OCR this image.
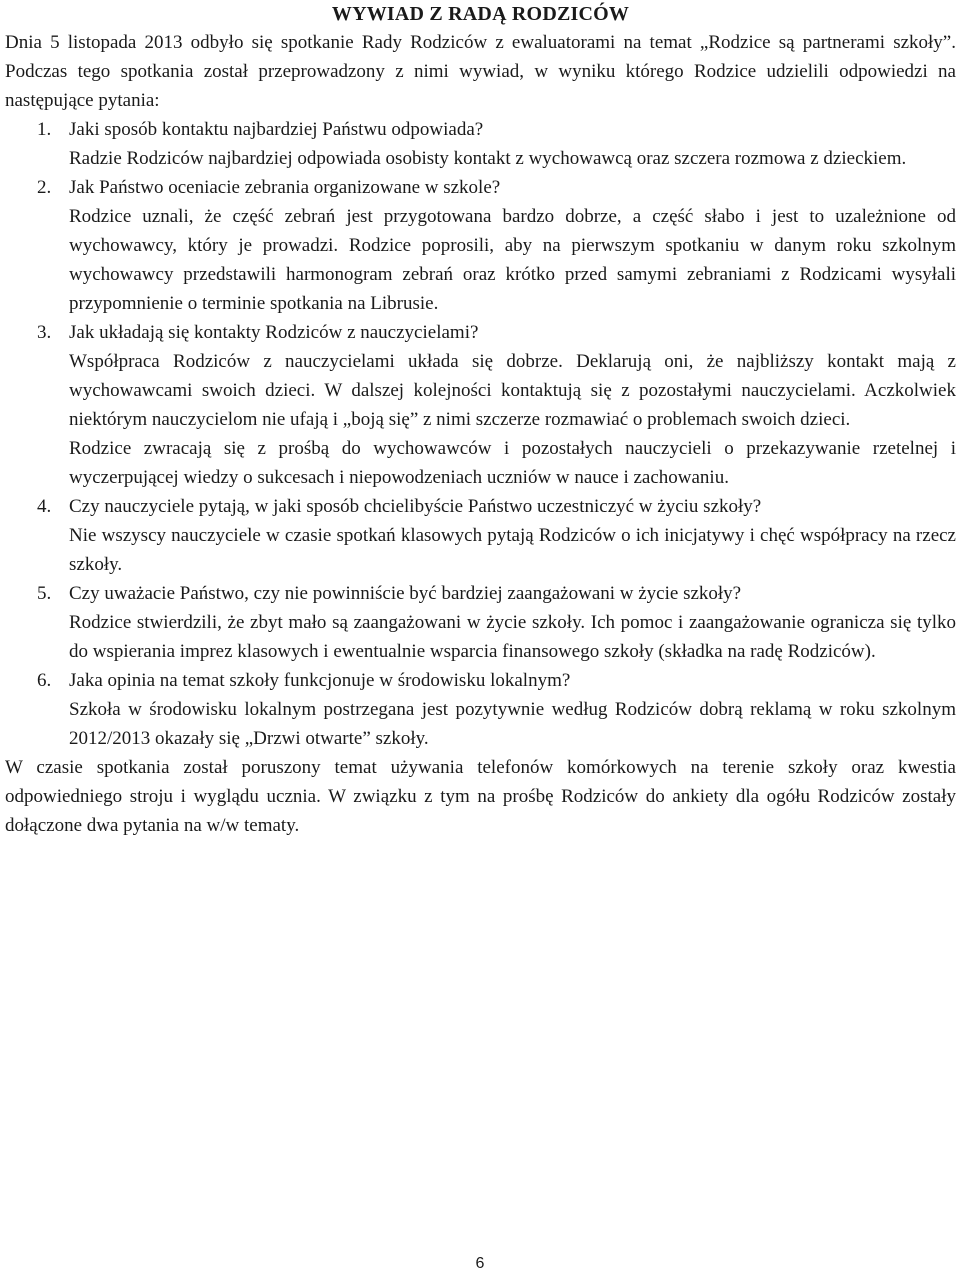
WYWIAD Z RADĄ RODZICÓW

Dnia 5 listopada 2013 odbyło się spotkanie Rady Rodziców z ewaluatorami na temat „Rodzice są partnerami szkoły”. Podczas tego spotkania został przeprowadzony z nimi wywiad, w wyniku którego Rodzice udzielili odpowiedzi na następujące pytania:

1. Jaki sposób kontaktu najbardziej Państwu odpowiada?

Radzie Rodziców najbardziej odpowiada osobisty kontakt z wychowawcą oraz szczera rozmowa z dzieckiem.

2. Jak Państwo oceniacie zebrania organizowane w szkole?

Rodzice uznali, że część zebrań jest przygotowana bardzo dobrze, a część słabo i jest to uzależnione od wychowawcy, który je prowadzi. Rodzice poprosili, aby na pierwszym spotkaniu w danym roku szkolnym wychowawcy przedstawili harmonogram zebrań oraz krótko przed samymi zebraniami z Rodzicami wysyłali przypomnienie o terminie spotkania na Librusie.

3. Jak układają się kontakty Rodziców z nauczycielami?

Współpraca Rodziców z nauczycielami układa się dobrze. Deklarują oni, że najbliższy kontakt mają z wychowawcami swoich dzieci. W dalszej kolejności kontaktują się z pozostałymi nauczycielami. Aczkolwiek niektórym nauczycielom nie ufają i „boją się” z nimi szczerze rozmawiać o problemach swoich dzieci.

Rodzice zwracają się z prośbą do wychowawców i pozostałych nauczycieli o przekazywanie rzetelnej i wyczerpującej wiedzy o sukcesach i niepowodzeniach uczniów w nauce i zachowaniu.

4. Czy nauczyciele pytają, w jaki sposób chcielibyście Państwo uczestniczyć w życiu szkoły?

Nie wszyscy nauczyciele w czasie spotkań klasowych pytają Rodziców o ich inicjatywy i chęć współpracy na rzecz szkoły.

5. Czy uważacie Państwo, czy nie powinniście być bardziej zaangażowani w życie szkoły?

Rodzice stwierdzili, że zbyt mało są zaangażowani w życie szkoły. Ich pomoc i zaangażowanie ogranicza się tylko do wspierania imprez klasowych i ewentualnie wsparcia finansowego szkoły (składka na radę Rodziców).

6. Jaka opinia na temat szkoły funkcjonuje w środowisku lokalnym?

Szkoła w środowisku lokalnym postrzegana jest pozytywnie według Rodziców dobrą reklamą w roku szkolnym 2012/2013 okazały się „Drzwi otwarte” szkoły.

W czasie spotkania został poruszony temat używania telefonów komórkowych na terenie szkoły oraz kwestia odpowiedniego stroju i wyglądu ucznia. W związku z tym na prośbę Rodziców do ankiety dla ogółu Rodziców zostały dołączone dwa pytania na w/w tematy.

6
